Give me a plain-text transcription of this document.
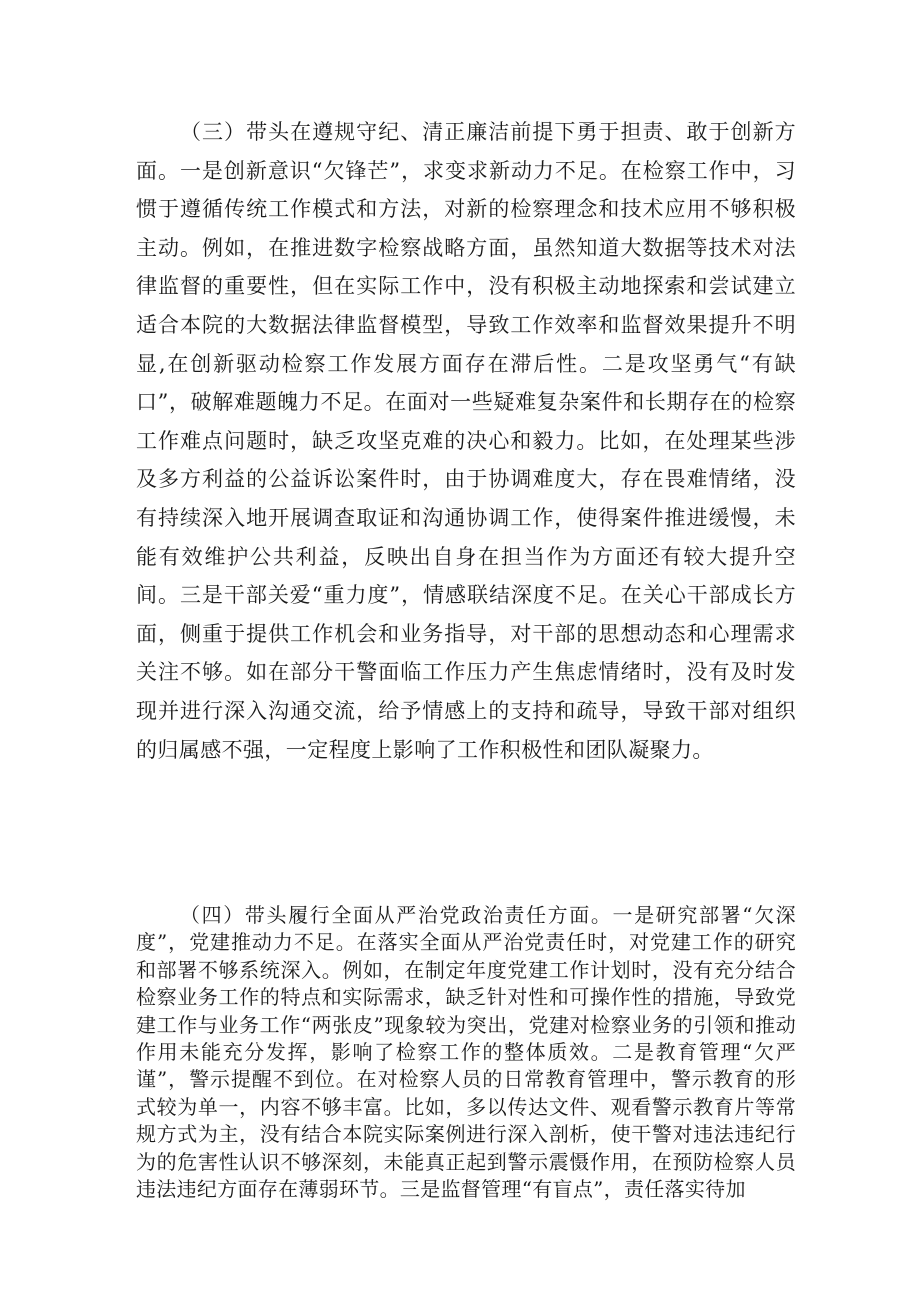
（三）带头在遵规守纪、清正廉洁前提下勇于担责、敢于创新方面。一是创新意识“欠锋芒”，求变求新动力不足。在检察工作中，习惯于遵循传统工作模式和方法，对新的检察理念和技术应用不够积极主动。例如，在推进数字检察战略方面，虽然知道大数据等技术对法律监督的重要性，但在实际工作中，没有积极主动地探索和尝试建立适合本院的大数据法律监督模型，导致工作效率和监督效果提升不明显,在创新驱动检察工作发展方面存在滞后性。二是攻坚勇气“有缺口”，破解难题魄力不足。在面对一些疑难复杂案件和长期存在的检察工作难点问题时，缺乏攻坚克难的决心和毅力。比如，在处理某些涉及多方利益的公益诉讼案件时，由于协调难度大，存在畏难情绪，没有持续深入地开展调查取证和沟通协调工作，使得案件推进缓慢，未能有效维护公共利益，反映出自身在担当作为方面还有较大提升空间。三是干部关爱“重力度”，情感联结深度不足。在关心干部成长方面，侧重于提供工作机会和业务指导，对干部的思想动态和心理需求关注不够。如在部分干警面临工作压力产生焦虑情绪时，没有及时发现并进行深入沟通交流，给予情感上的支持和疏导，导致干部对组织的归属感不强，一定程度上影响了工作积极性和团队凝聚力。

（四）带头履行全面从严治党政治责任方面。一是研究部署“欠深度”，党建推动力不足。在落实全面从严治党责任时，对党建工作的研究和部署不够系统深入。例如，在制定年度党建工作计划时，没有充分结合检察业务工作的特点和实际需求，缺乏针对性和可操作性的措施，导致党建工作与业务工作“两张皮”现象较为突出，党建对检察业务的引领和推动作用未能充分发挥，影响了检察工作的整体质效。二是教育管理“欠严谨”，警示提醒不到位。在对检察人员的日常教育管理中，警示教育的形式较为单一，内容不够丰富。比如，多以传达文件、观看警示教育片等常规方式为主，没有结合本院实际案例进行深入剖析，使干警对违法违纪行为的危害性认识不够深刻，未能真正起到警示震慑作用，在预防检察人员违法违纪方面存在薄弱环节。三是监督管理“有盲点”，责任落实待加
